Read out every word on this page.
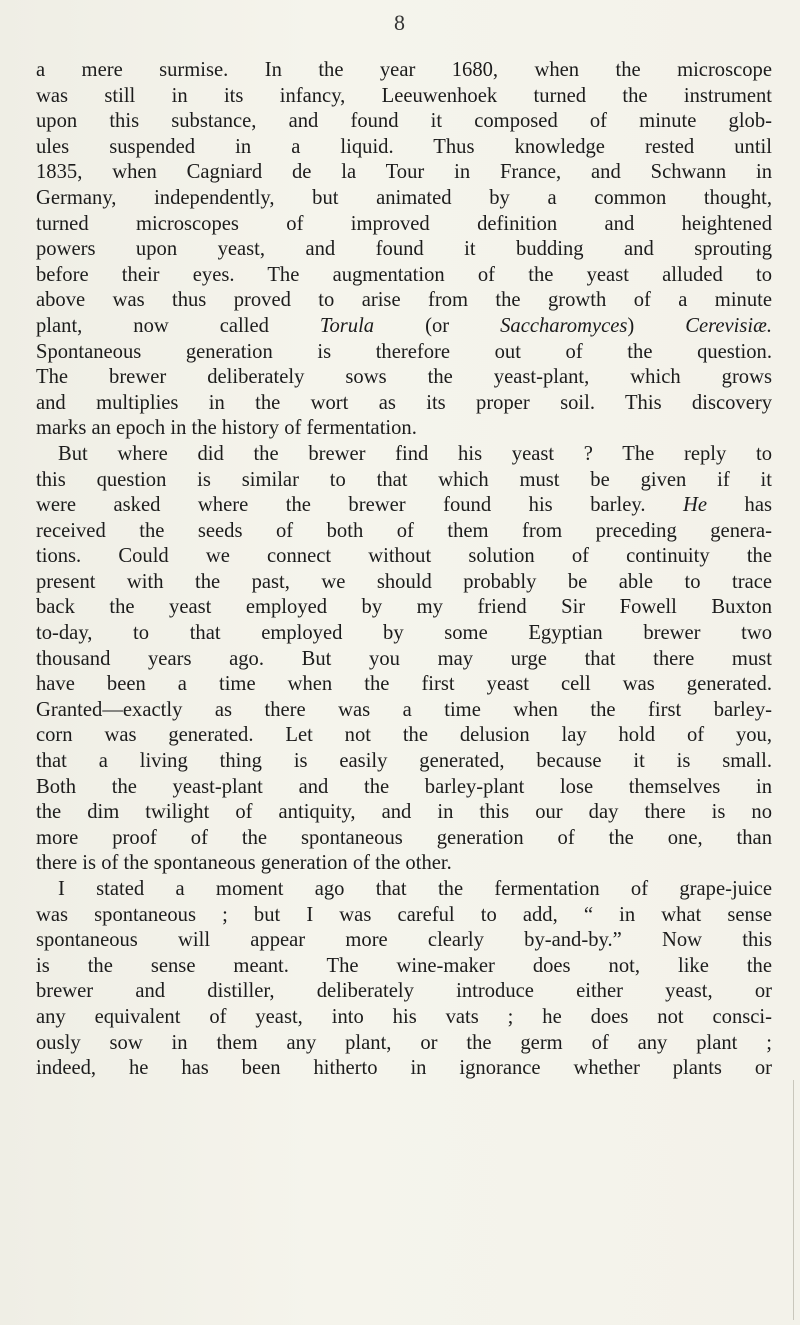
8
a mere surmise. In the year 1680, when the microscope
was still in its infancy, Leeuwenhoek turned the instrument
upon this substance, and found it composed of minute glob-
ules suspended in a liquid. Thus knowledge rested until
1835, when Cagniard de la Tour in France, and Schwann in
Germany, independently, but animated by a common thought,
turned microscopes of improved definition and heightened
powers upon yeast, and found it budding and sprouting
before their eyes. The augmentation of the yeast alluded to
above was thus proved to arise from the growth of a minute
plant, now called Torula (or Saccharomyces) Cerevisiæ.
Spontaneous generation is therefore out of the question.
The brewer deliberately sows the yeast-plant, which grows
and multiplies in the wort as its proper soil. This discovery
marks an epoch in the history of fermentation.
But where did the brewer find his yeast ? The reply to
this question is similar to that which must be given if it
were asked where the brewer found his barley. He has
received the seeds of both of them from preceding genera-
tions. Could we connect without solution of continuity the
present with the past, we should probably be able to trace
back the yeast employed by my friend Sir Fowell Buxton
to-day, to that employed by some Egyptian brewer two
thousand years ago. But you may urge that there must
have been a time when the first yeast cell was generated.
Granted—exactly as there was a time when the first barley-
corn was generated. Let not the delusion lay hold of you,
that a living thing is easily generated, because it is small.
Both the yeast-plant and the barley-plant lose themselves in
the dim twilight of antiquity, and in this our day there is no
more proof of the spontaneous generation of the one, than
there is of the spontaneous generation of the other.
I stated a moment ago that the fermentation of grape-juice
was spontaneous ; but I was careful to add, “ in what sense
spontaneous will appear more clearly by-and-by.” Now this
is the sense meant. The wine-maker does not, like the
brewer and distiller, deliberately introduce either yeast, or
any equivalent of yeast, into his vats ; he does not consci-
ously sow in them any plant, or the germ of any plant ;
indeed, he has been hitherto in ignorance whether plants or
